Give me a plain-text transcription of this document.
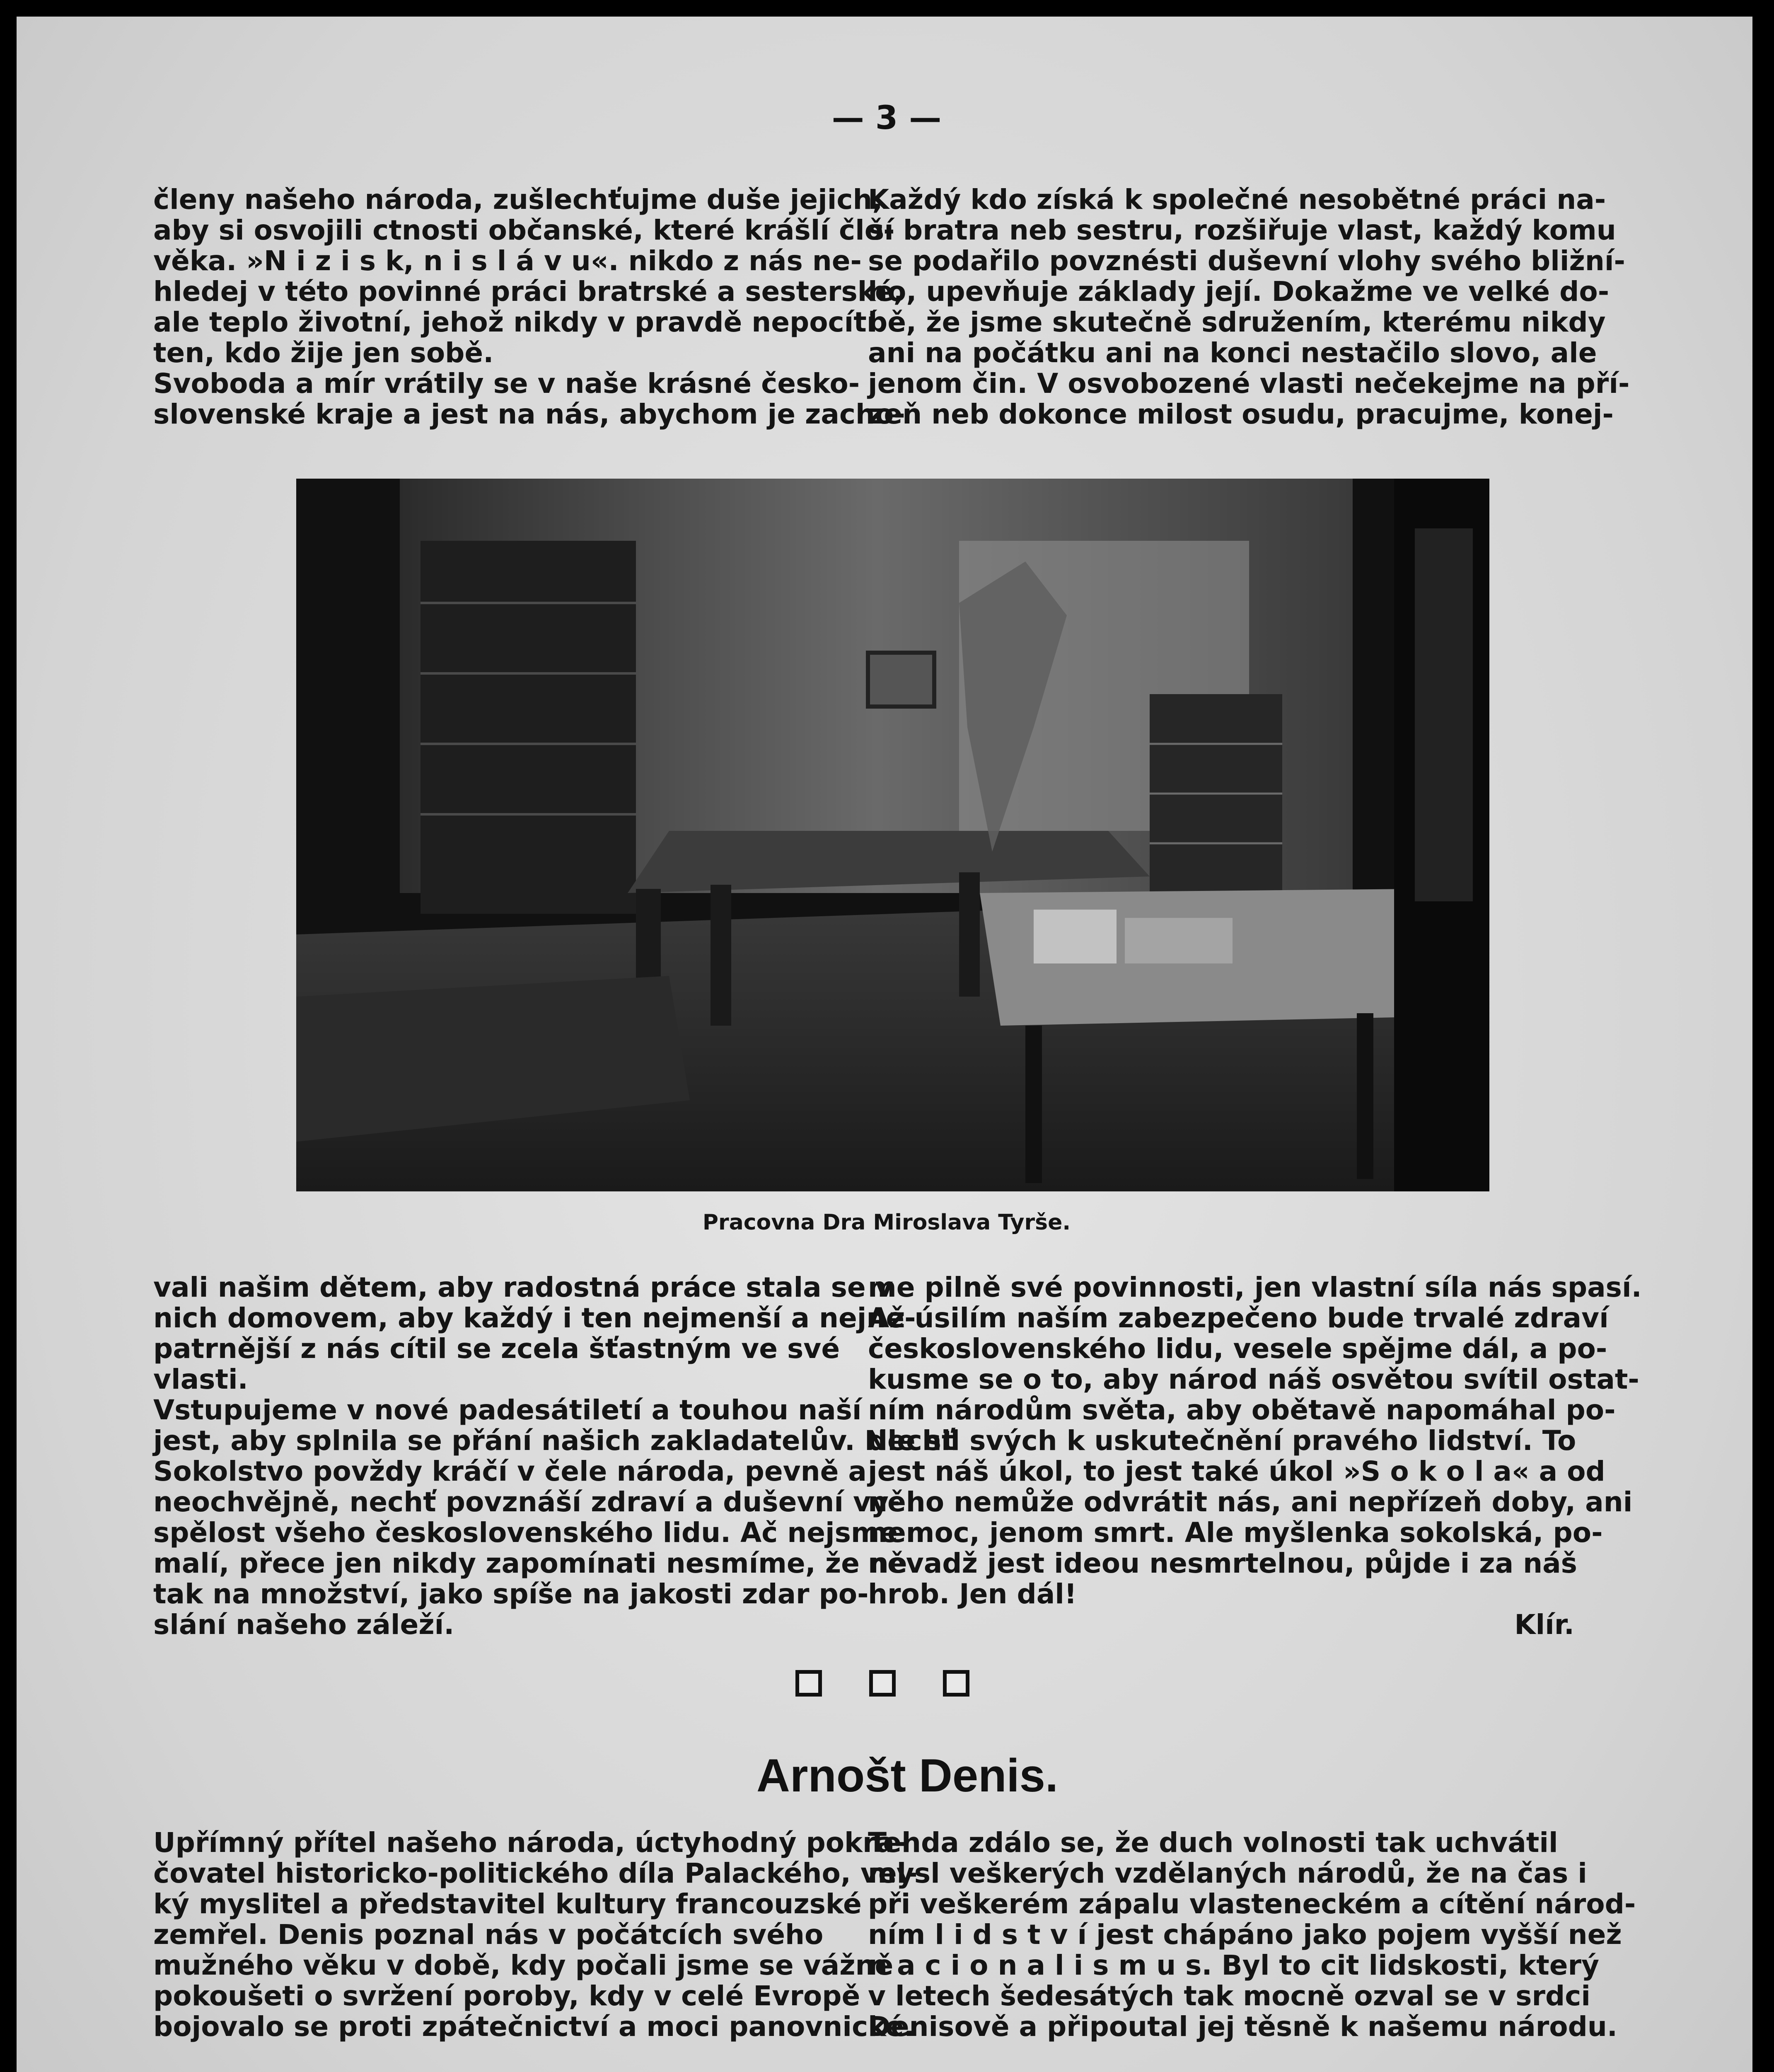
— 3 —
členy našeho národa, zušlechťujme duše jejich,
aby si osvojili ctnosti občanské, které krášlí člo-
věka. »N i z i s k, n i s l á v u«. nikdo z nás ne-
hledej v této povinné práci bratrské a sesterské,
ale teplo životní, jehož nikdy v pravdě nepocítí
ten, kdo žije jen sobě.
Svoboda a mír vrátily se v naše krásné česko-
slovenské kraje a jest na nás, abychom je zacho-
Každý kdo získá k společné nesobětné práci na-
ší bratra neb sestru, rozšiřuje vlast, každý komu
se podařilo povznésti duševní vlohy svého bližní-
ho, upevňuje základy její. Dokažme ve velké do-
bě, že jsme skutečně sdružením, kterému nikdy
ani na počátku ani na konci nestačilo slovo, ale
jenom čin. V osvobozené vlasti nečekejme na pří-
zeň neb dokonce milost osudu, pracujme, konej-
Pracovna Dra Miroslava Tyrše.
vali našim dětem, aby radostná práce stala se v
nich domovem, aby každý i ten nejmenší a nejne-
patrnější z nás cítil se zcela šťastným ve své
vlasti.
Vstupujeme v nové padesátiletí a touhou naší
jest, aby splnila se přání našich zakladatelův. Nechť
Sokolstvo povždy kráčí v čele národa, pevně a
neochvějně, nechť povznáší zdraví a duševní vy-
spělost všeho československého lidu. Ač nejsme
malí, přece jen nikdy zapomínati nesmíme, že ne
tak na množství, jako spíše na jakosti zdar po-
slání našeho záleží.
me pilně své povinnosti, jen vlastní síla nás spasí.
Až úsilím naším zabezpečeno bude trvalé zdraví
československého lidu, vesele spějme dál, a po-
kusme se o to, aby národ náš osvětou svítil ostat-
ním národům světa, aby obětavě napomáhal po-
dle sil svých k uskutečnění pravého lidství. To
jest náš úkol, to jest také úkol »S o k o l a« a od
něho nemůže odvrátit nás, ani nepřízeň doby, ani
nemoc, jenom smrt. Ale myšlenka sokolská, po-
něvadž jest ideou nesmrtelnou, půjde i za náš
hrob. Jen dál!
Klír.
Arnošt Denis.
Upřímný přítel našeho národa, úctyhodný pokra-
čovatel historicko-politického díla Palackého, vel-
ký myslitel a představitel kultury francouzské
zemřel. Denis poznal nás v počátcích svého
mužného věku v době, kdy počali jsme se vážně
pokoušeti o svržení poroby, kdy v celé Evropě
bojovalo se proti zpátečnictví a moci panovnické.
Tehda zdálo se, že duch volnosti tak uchvátil
mysl veškerých vzdělaných národů, že na čas i
při veškerém zápalu vlasteneckém a cítění národ-
ním l i d s t v í jest chápáno jako pojem vyšší než
n a c i o n a l i s m u s. Byl to cit lidskosti, který
v letech šedesátých tak mocně ozval se v srdci
Denisově a připoutal jej těsně k našemu národu.
